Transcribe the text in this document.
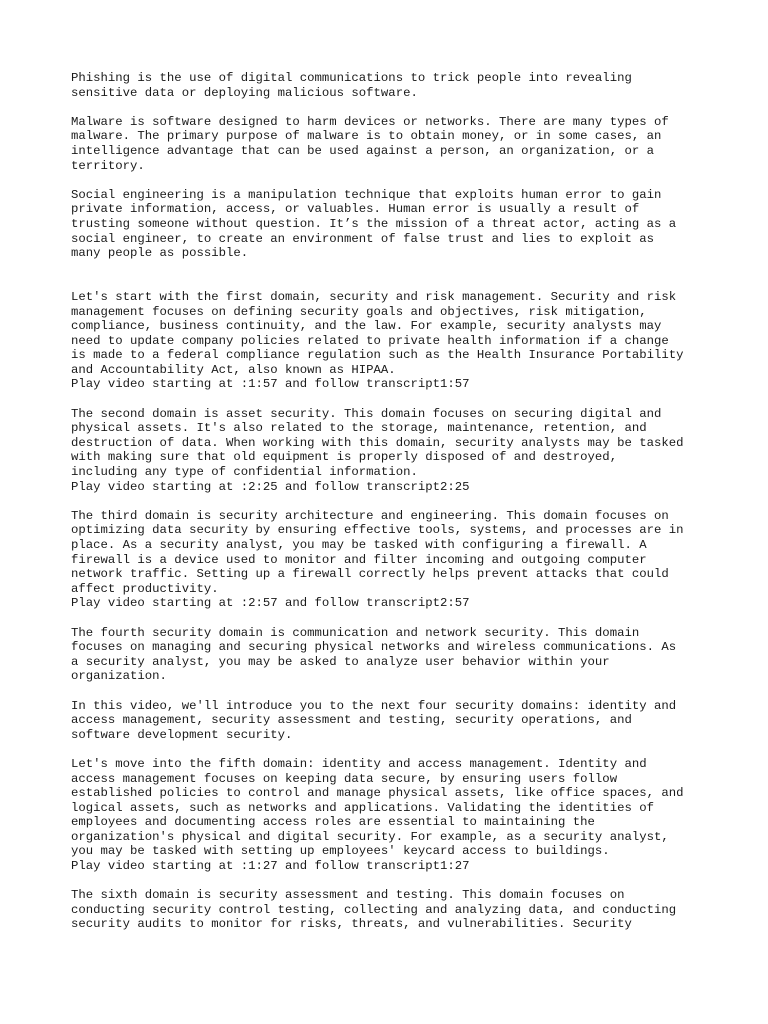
Phishing is the use of digital communications to trick people into revealing
sensitive data or deploying malicious software.

Malware is software designed to harm devices or networks. There are many types of
malware. The primary purpose of malware is to obtain money, or in some cases, an
intelligence advantage that can be used against a person, an organization, or a
territory.

Social engineering is a manipulation technique that exploits human error to gain
private information, access, or valuables. Human error is usually a result of
trusting someone without question. It’s the mission of a threat actor, acting as a
social engineer, to create an environment of false trust and lies to exploit as
many people as possible.

Let's start with the first domain, security and risk management. Security and risk
management focuses on defining security goals and objectives, risk mitigation,
compliance, business continuity, and the law. For example, security analysts may
need to update company policies related to private health information if a change
is made to a federal compliance regulation such as the Health Insurance Portability
and Accountability Act, also known as HIPAA.
Play video starting at :1:57 and follow transcript1:57

The second domain is asset security. This domain focuses on securing digital and
physical assets. It's also related to the storage, maintenance, retention, and
destruction of data. When working with this domain, security analysts may be tasked
with making sure that old equipment is properly disposed of and destroyed,
including any type of confidential information.
Play video starting at :2:25 and follow transcript2:25

The third domain is security architecture and engineering. This domain focuses on
optimizing data security by ensuring effective tools, systems, and processes are in
place. As a security analyst, you may be tasked with configuring a firewall. A
firewall is a device used to monitor and filter incoming and outgoing computer
network traffic. Setting up a firewall correctly helps prevent attacks that could
affect productivity.
Play video starting at :2:57 and follow transcript2:57

The fourth security domain is communication and network security. This domain
focuses on managing and securing physical networks and wireless communications. As
a security analyst, you may be asked to analyze user behavior within your
organization.

In this video, we'll introduce you to the next four security domains: identity and
access management, security assessment and testing, security operations, and
software development security.

Let's move into the fifth domain: identity and access management. Identity and
access management focuses on keeping data secure, by ensuring users follow
established policies to control and manage physical assets, like office spaces, and
logical assets, such as networks and applications. Validating the identities of
employees and documenting access roles are essential to maintaining the
organization's physical and digital security. For example, as a security analyst,
you may be tasked with setting up employees' keycard access to buildings.
Play video starting at :1:27 and follow transcript1:27

The sixth domain is security assessment and testing. This domain focuses on
conducting security control testing, collecting and analyzing data, and conducting
security audits to monitor for risks, threats, and vulnerabilities. Security
